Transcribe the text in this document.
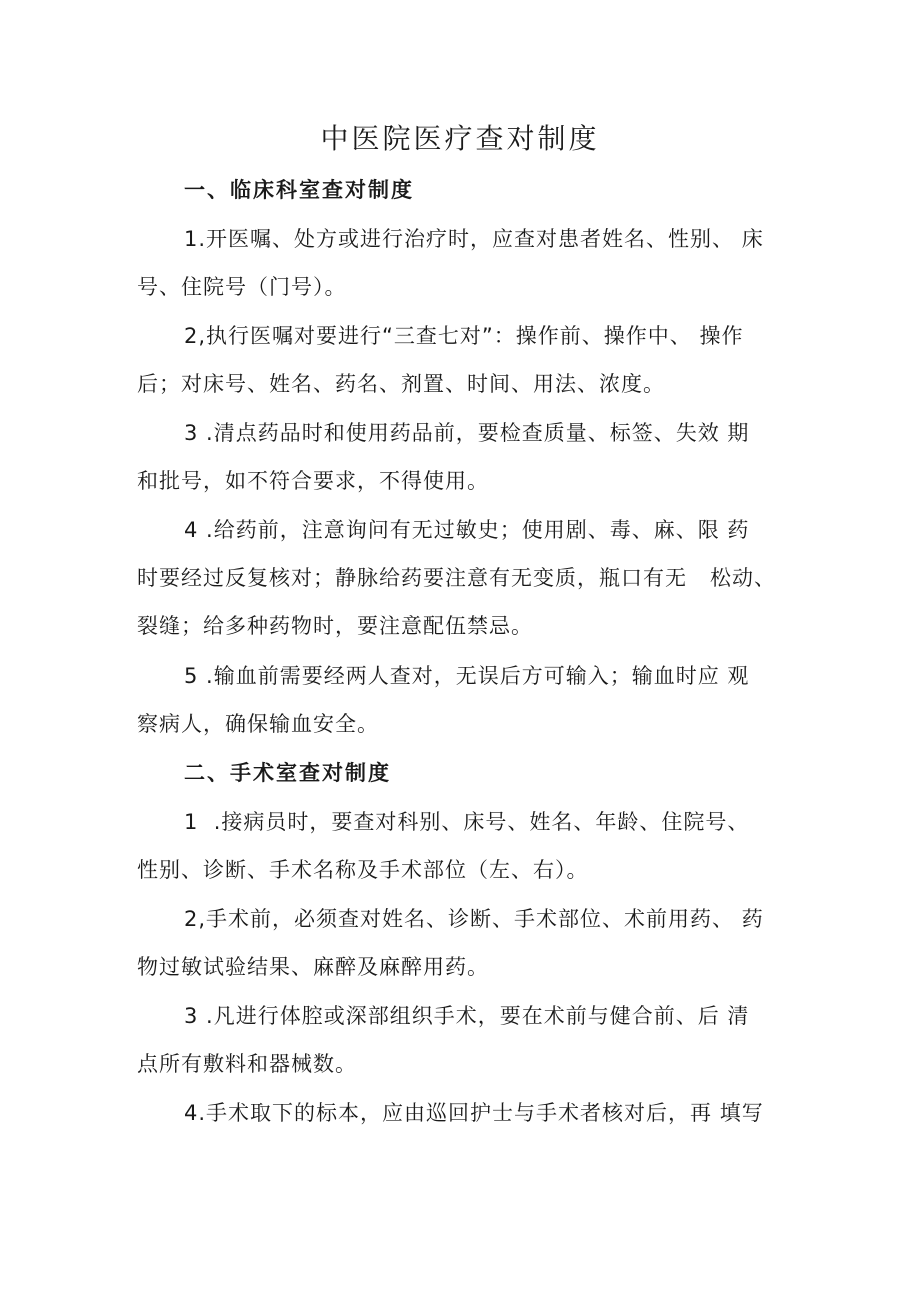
中医院医疗查对制度
一、临床科室查对制度
1.开医嘱、处方或进行治疗时，应查对患者姓名、性别、 床
号、住院号（门号）。
2,执行医嘱对要进行“三查七对”：操作前、操作中、 操作
后；对床号、姓名、药名、剂置、时间、用法、浓度。
3 .清点药品时和使用药品前，要检查质量、标签、失效 期
和批号，如不符合要求，不得使用。
4 .给药前，注意询问有无过敏史；使用剧、毒、麻、限 药
时要经过反复核对；静脉给药要注意有无变质，瓶口有无   松动、
裂缝；给多种药物时，要注意配伍禁忌。
5 .输血前需要经两人查对，无误后方可输入；输血时应 观
察病人，确保输血安全。
二、手术室查对制度
1  .接病员时，要查对科别、床号、姓名、年龄、住院号、
性别、诊断、手术名称及手术部位（左、右）。
2,手术前，必须查对姓名、诊断、手术部位、术前用药、 药
物过敏试验结果、麻醉及麻醉用药。
3 .凡进行体腔或深部组织手术，要在术前与健合前、后 清
点所有敷料和器械数。
4.手术取下的标本，应由巡回护士与手术者核对后，再 填写
